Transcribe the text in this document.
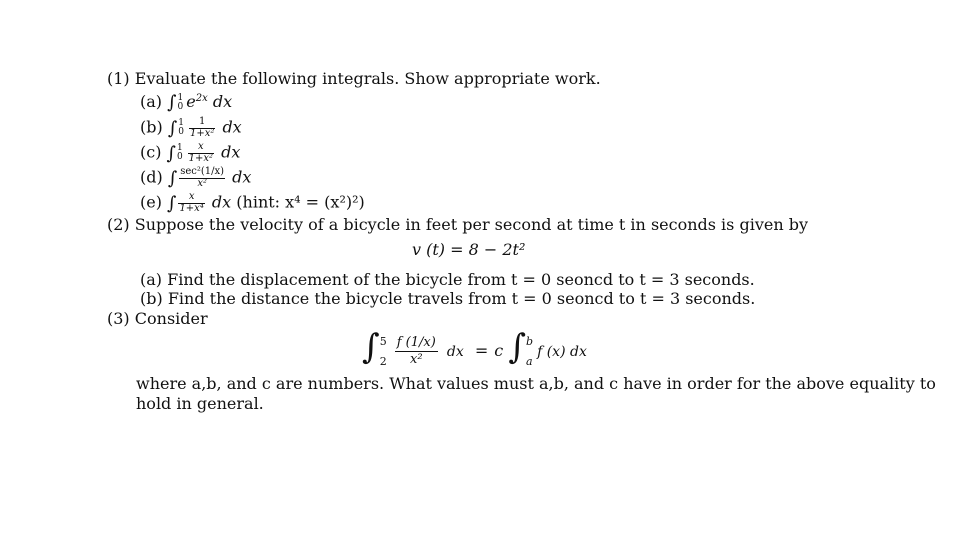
(1) Evaluate the following integrals. Show appropriate work.
(a) ∫ 1
0 $e^{2x}$ dx
(b) ∫ 1
$0 \frac{1}{\text{1+x²}}$ dx
(c) ∫ 1
$0 \frac{x}{\text{1+x²}}$ dx
(d) ∫ $\frac{\text{sec²(1/x)}}{\text{x²}}$ dx
(e) ∫ $\frac{x}{\text{1+x⁴}}$ dx (hint: x⁴ = (x²)²)
(2) Suppose the velocity of a bicycle in feet per second at time t in seconds is given by
v (t) = 8 − 2t²
(a) Find the displacement of the bicycle from t = 0 seoncd to t = 3 seconds.
(b) Find the distance the bicycle travels from t = 0 seoncd to t = 3 seconds.
(3) Consider
∫ 5
$2 \frac{f (1/x)}{\text{x²}}$ dx = c ∫ b
a
f (x) dx
where a,b, and c are numbers. What values must a,b, and c have in order for the above equality to
hold in general.
